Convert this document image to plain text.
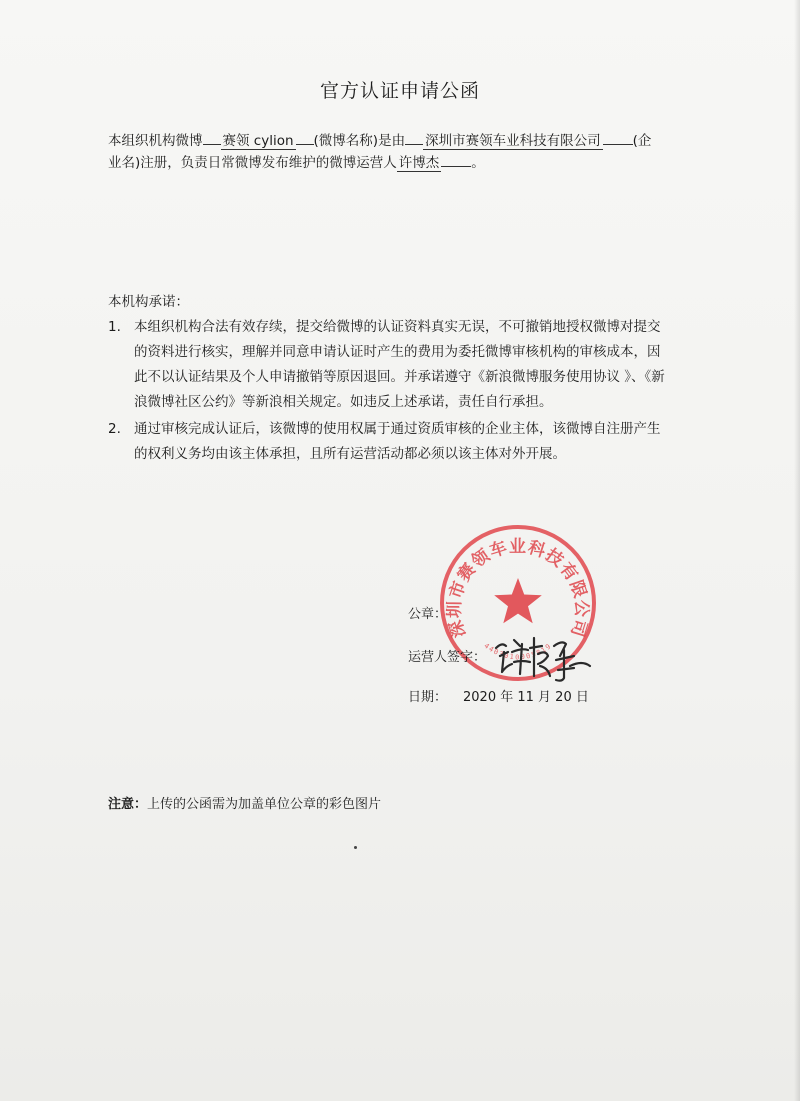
官方认证申请公函
本组织机构微博 赛领 cylion (微博名称)是由 深圳市赛领车业科技有限公司 (企
业名)注册，负责日常微博发布维护的微博运营人 许博杰 。
本机构承诺：
1. 本组织机构合法有效存续，提交给微博的认证资料真实无误，不可撤销地授权微博对提交的资料进行核实，理解并同意申请认证时产生的费用为委托微博审核机构的审核成本，因此不以认证结果及个人申请撤销等原因退回。并承诺遵守《新浪微博服务使用协议 》、《新浪微博社区公约》等新浪相关规定。如违反上述承诺，责任自行承担。
2. 通过审核完成认证后，该微博的使用权属于通过资质审核的企业主体，该微博自注册产生的权利义务均由该主体承担，且所有运营活动都必须以该主体对外开展。
深圳市赛领车业科技有限公司
4403010005819
公章：
运营人签字：
日期： 2020 年 11 月 20 日
注意：上传的公函需为加盖单位公章的彩色图片
